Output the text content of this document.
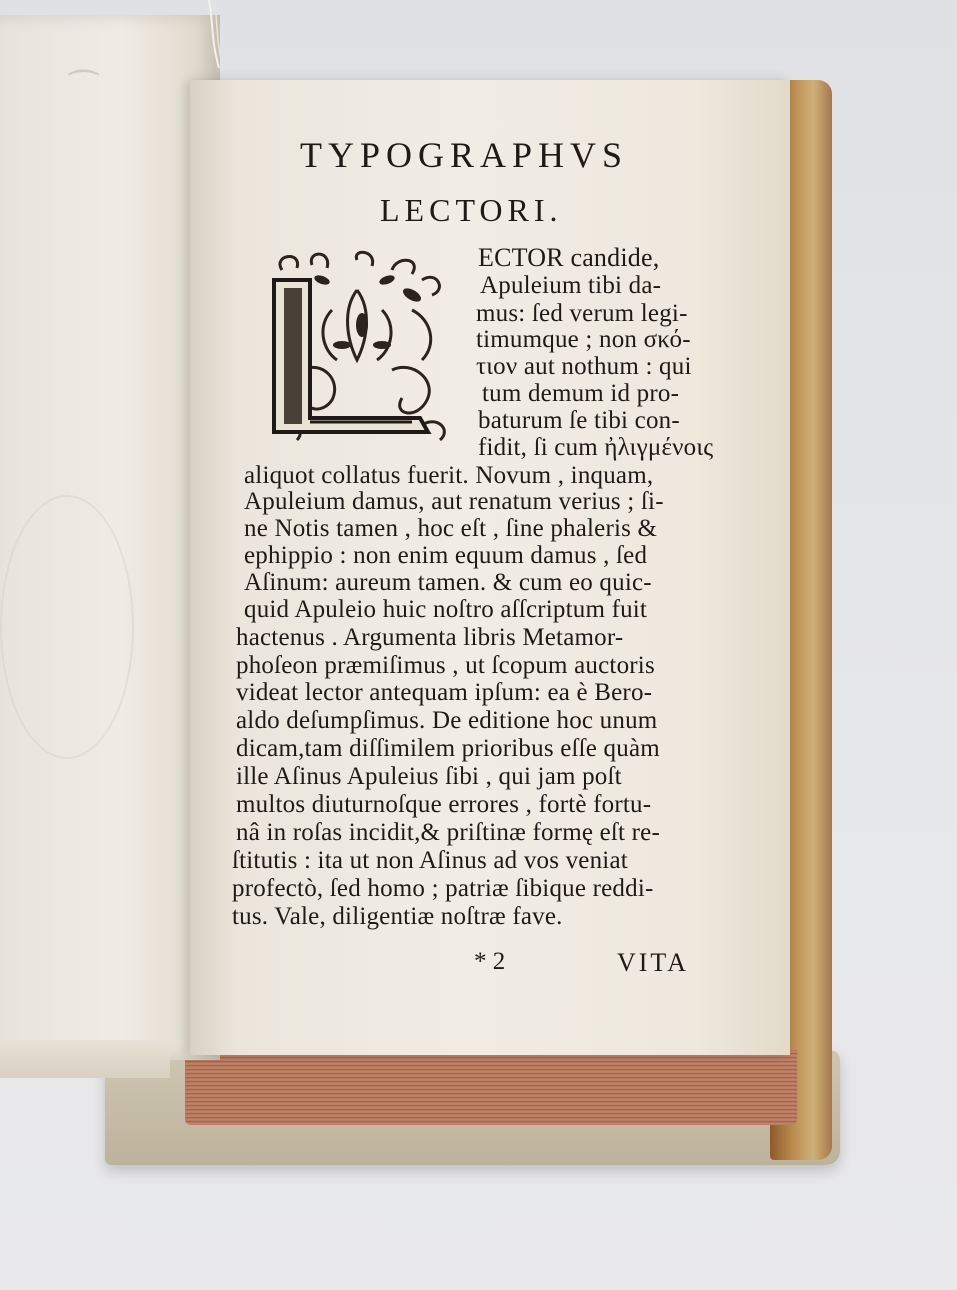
⁀
TYPOGRAPHVS
LECTORI.
ECTOR candide,
Apuleium tibi da-
mus: ſed verum legi-
timumque ; non σκό-
τιον aut nothum : qui
tum demum id pro-
baturum ſe tibi con-
fidit, ſi cum ἠλιγμένοις
aliquot collatus fuerit. Novum , inquam,
Apuleium damus, aut renatum verius ; ſi-
ne Notis tamen , hoc eſt , ſine phaleris &
ephippio : non enim equum damus , ſed
Aſinum: aureum tamen. & cum eo quic-
quid Apuleio huic noſtro aſſcriptum fuit
hactenus . Argumenta libris Metamor-
phoſeon præmiſimus , ut ſcopum auctoris
videat lector antequam ipſum: ea è Bero-
aldo deſumpſimus. De editione hoc unum
dicam,tam diſſimilem prioribus eſſe quàm
ille Aſinus Apuleius ſibi , qui jam poſt
multos diuturnoſque errores , fortè fortu-
nâ in roſas incidit,& priſtinæ formę eſt re-
ſtitutis : ita ut non Aſinus ad vos veniat
profectò, ſed homo ; patriæ ſibique reddi-
tus. Vale, diligentiæ noſtræ fave.
* 2	VITA
